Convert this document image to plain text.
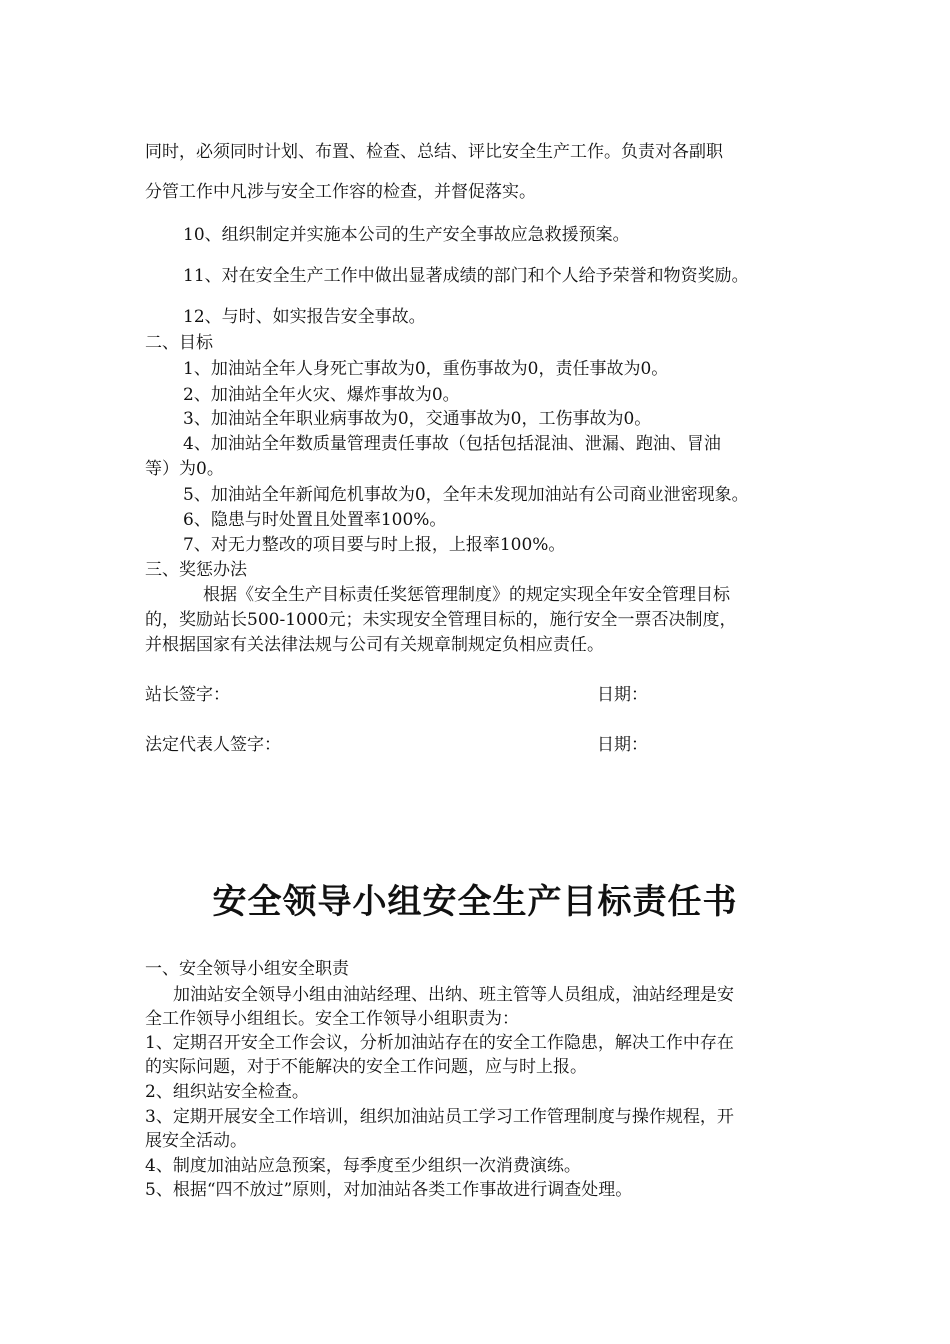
同时，必须同时计划、布置、检查、总结、评比安全生产工作。负责对各副职
分管工作中凡涉与安全工作容的检查，并督促落实。
10、组织制定并实施本公司的生产安全事故应急救援预案。
11、对在安全生产工作中做出显著成绩的部门和个人给予荣誉和物资奖励。
12、与时、如实报告安全事故。
二、目标
1、加油站全年人身死亡事故为0，重伤事故为0，责任事故为0。
2、加油站全年火灾、爆炸事故为0。
3、加油站全年职业病事故为0，交通事故为0，工伤事故为0。
4、加油站全年数质量管理责任事故（包括包括混油、泄漏、跑油、冒油
等）为0。
5、加油站全年新闻危机事故为0，全年未发现加油站有公司商业泄密现象。
6、隐患与时处置且处置率100%。
7、对无力整改的项目要与时上报，上报率100%。
三、奖惩办法
根据《安全生产目标责任奖惩管理制度》的规定实现全年安全管理目标
的，奖励站长500-1000元；未实现安全管理目标的，施行安全一票否决制度，
并根据国家有关法律法规与公司有关规章制规定负相应责任。
站长签字：	日期：
法定代表人签字：	日期：
安全领导小组安全生产目标责任书
一、安全领导小组安全职责
加油站安全领导小组由油站经理、出纳、班主管等人员组成，油站经理是安
全工作领导小组组长。安全工作领导小组职责为：
1、定期召开安全工作会议，分析加油站存在的安全工作隐患，解决工作中存在
的实际问题，对于不能解决的安全工作问题，应与时上报。
2、组织站安全检查。
3、定期开展安全工作培训，组织加油站员工学习工作管理制度与操作规程，开
展安全活动。
4、制度加油站应急预案，每季度至少组织一次消费演练。
5、根据“四不放过”原则，对加油站各类工作事故进行调查处理。
